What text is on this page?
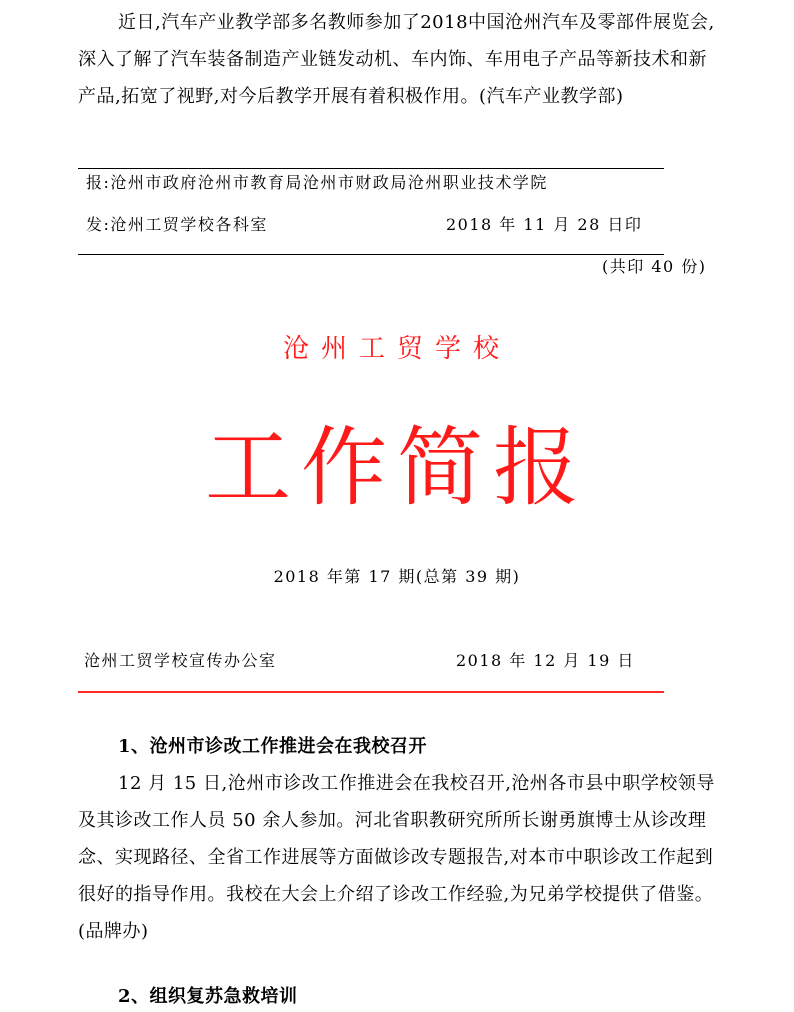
近日,汽车产业教学部多名教师参加了2018中国沧州汽车及零部件展览会,深入了解了汽车装备制造产业链发动机、车内饰、车用电子产品等新技术和新产品,拓宽了视野,对今后教学开展有着积极作用。(汽车产业教学部)

报:沧州市政府沧州市教育局沧州市财政局沧州职业技术学院
发:沧州工贸学校各科室	2018 年 11 月 28 日印
(共印 40 份)
沧州工贸学校
工作简报
2018 年第 17 期(总第 39 期)
沧州工贸学校宣传办公室	2018 年 12 月 19 日
1、沧州市诊改工作推进会在我校召开

12 月 15 日,沧州市诊改工作推进会在我校召开,沧州各市县中职学校领导及其诊改工作人员 50 余人参加。河北省职教研究所所长谢勇旗博士从诊改理念、实现路径、全省工作进展等方面做诊改专题报告,对本市中职诊改工作起到很好的指导作用。我校在大会上介绍了诊改工作经验,为兄弟学校提供了借鉴。(品牌办)

2、组织复苏急救培训
